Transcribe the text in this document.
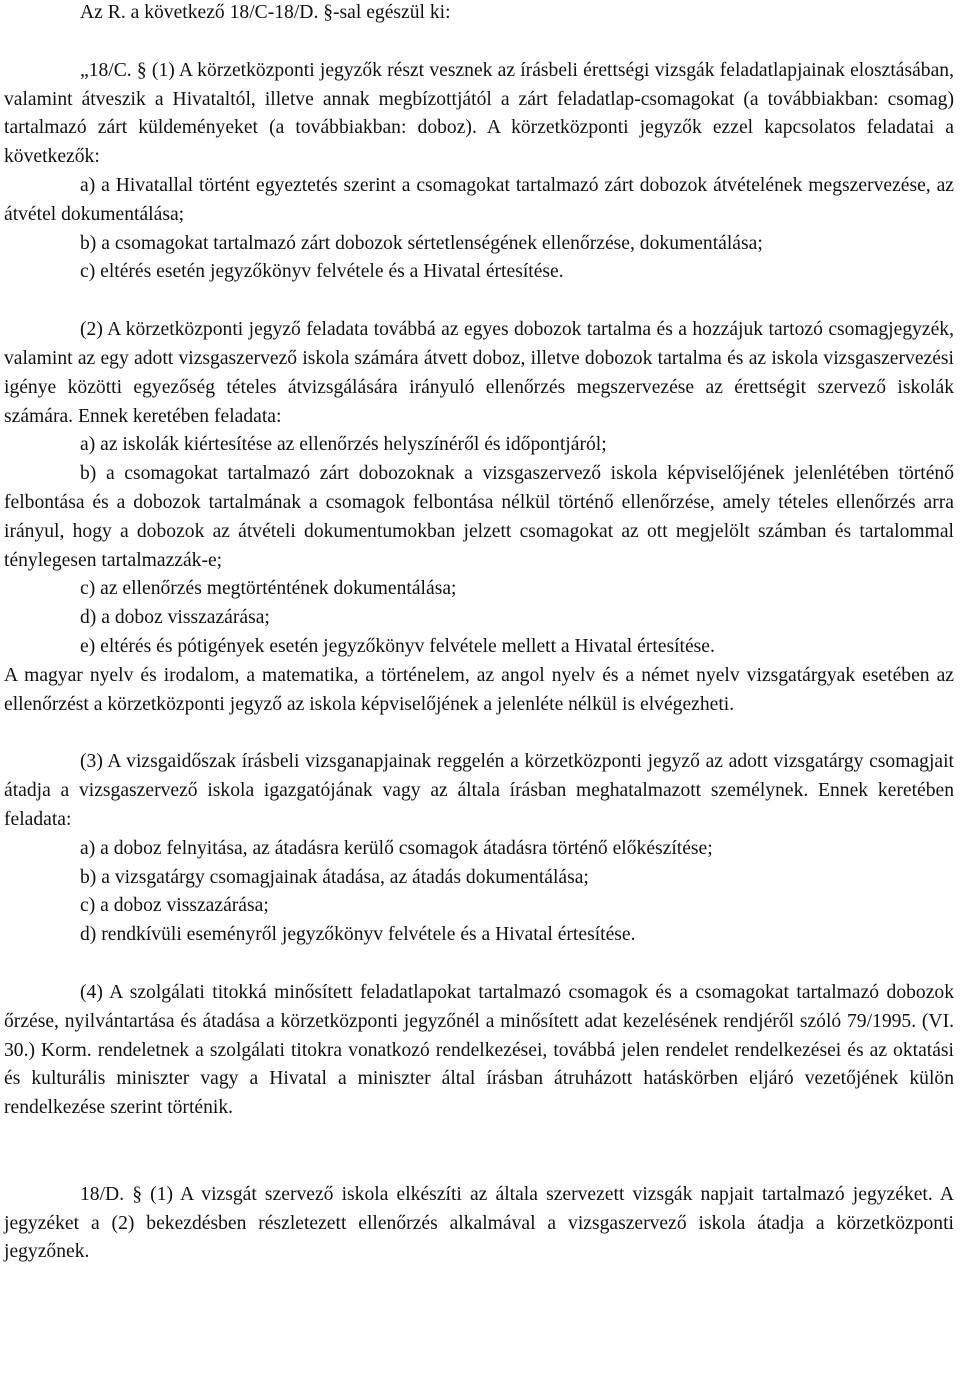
Az R. a következő 18/C-18/D. §-sal egészül ki:

„18/C. § (1) A körzetközponti jegyzők részt vesznek az írásbeli érettségi vizsgák feladatlapjainak elosztásában, valamint átveszik a Hivataltól, illetve annak megbízottjától a zárt feladatlap-csomagokat (a továbbiakban: csomag) tartalmazó zárt küldeményeket (a továbbiakban: doboz). A körzetközponti jegyzők ezzel kapcsolatos feladatai a következők:

a) a Hivatallal történt egyeztetés szerint a csomagokat tartalmazó zárt dobozok átvételének megszervezése, az átvétel dokumentálása;

b) a csomagokat tartalmazó zárt dobozok sértetlenségének ellenőrzése, dokumentálása;

c) eltérés esetén jegyzőkönyv felvétele és a Hivatal értesítése.

(2) A körzetközponti jegyző feladata továbbá az egyes dobozok tartalma és a hozzájuk tartozó csomagjegyzék, valamint az egy adott vizsgaszervező iskola számára átvett doboz, illetve dobozok tartalma és az iskola vizsgaszervezési igénye közötti egyezőség tételes átvizsgálására irányuló ellenőrzés megszervezése az érettségit szervező iskolák számára. Ennek keretében feladata:

a) az iskolák kiértesítése az ellenőrzés helyszínéről és időpontjáról;

b) a csomagokat tartalmazó zárt dobozoknak a vizsgaszervező iskola képviselőjének jelenlétében történő felbontása és a dobozok tartalmának a csomagok felbontása nélkül történő ellenőrzése, amely tételes ellenőrzés arra irányul, hogy a dobozok az átvételi dokumentumokban jelzett csomagokat az ott megjelölt számban és tartalommal ténylegesen tartalmazzák-e;

c) az ellenőrzés megtörténtének dokumentálása;

d) a doboz visszazárása;

e) eltérés és pótigények esetén jegyzőkönyv felvétele mellett a Hivatal értesítése.

A magyar nyelv és irodalom, a matematika, a történelem, az angol nyelv és a német nyelv vizsgatárgyak esetében az ellenőrzést a körzetközponti jegyző az iskola képviselőjének a jelenléte nélkül is elvégezheti.

(3) A vizsgaidőszak írásbeli vizsganapjainak reggelén a körzetközponti jegyző az adott vizsgatárgy csomagjait átadja a vizsgaszervező iskola igazgatójának vagy az általa írásban meghatalmazott személynek. Ennek keretében feladata:

a) a doboz felnyitása, az átadásra kerülő csomagok átadásra történő előkészítése;

b) a vizsgatárgy csomagjainak átadása, az átadás dokumentálása;

c) a doboz visszazárása;

d) rendkívüli eseményről jegyzőkönyv felvétele és a Hivatal értesítése.

(4) A szolgálati titokká minősített feladatlapokat tartalmazó csomagok és a csomagokat tartalmazó dobozok őrzése, nyilvántartása és átadása a körzetközponti jegyzőnél a minősített adat kezelésének rendjéről szóló 79/1995. (VI. 30.) Korm. rendeletnek a szolgálati titokra vonatkozó rendelkezései, továbbá jelen rendelet rendelkezései és az oktatási és kulturális miniszter vagy a Hivatal a miniszter által írásban átruházott hatáskörben eljáró vezetőjének külön rendelkezése szerint történik.

18/D. § (1) A vizsgát szervező iskola elkészíti az általa szervezett vizsgák napjait tartalmazó jegyzéket. A jegyzéket a (2) bekezdésben részletezett ellenőrzés alkalmával a vizsgaszervező iskola átadja a körzetközponti jegyzőnek.
